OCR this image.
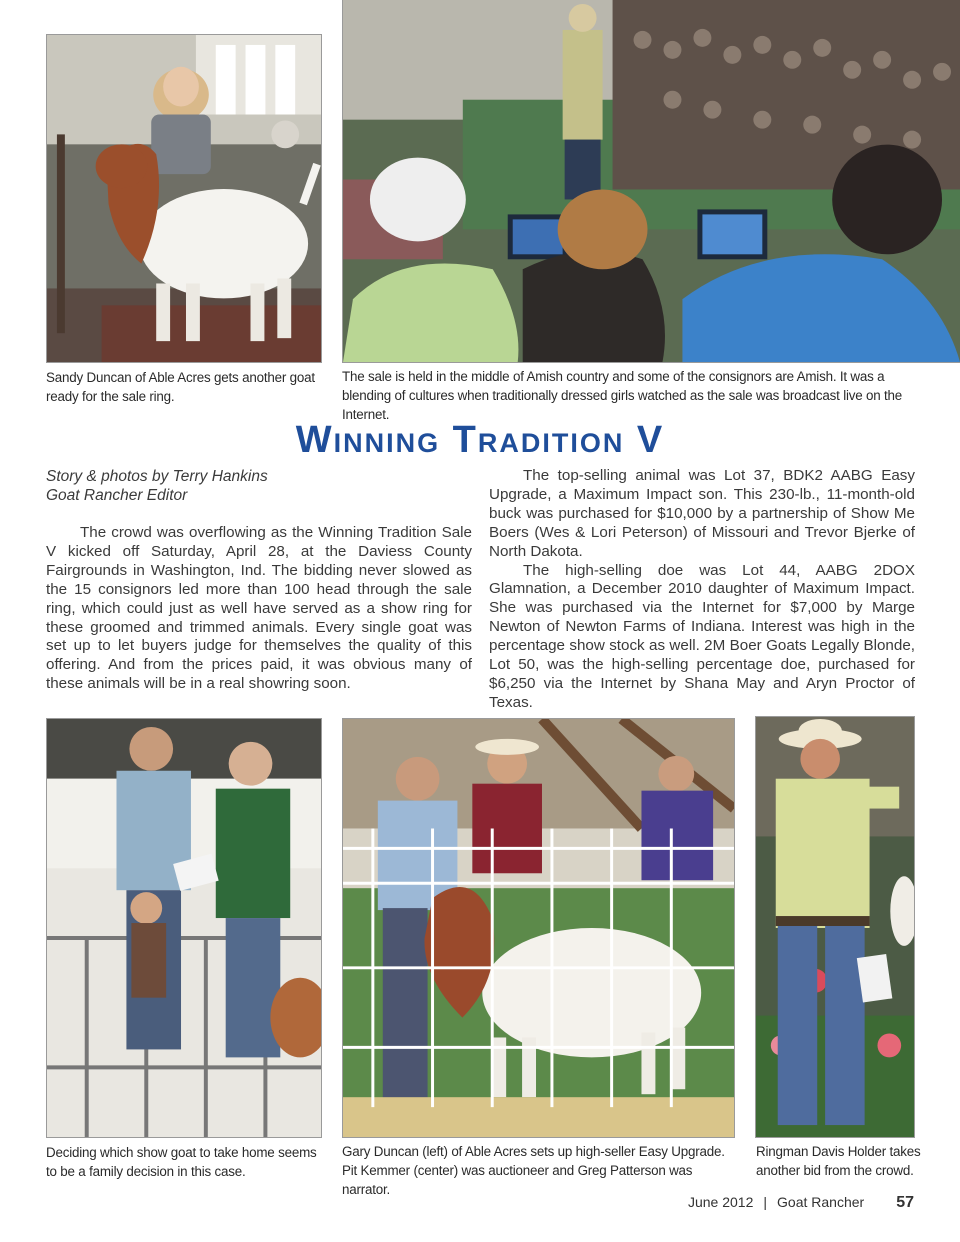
Sandy Duncan of Able Acres gets another goat ready for the sale ring.
The sale is held in the middle of Amish country and some of the consignors are Amish. It was a blending of cultures when traditionally dressed girls watched as the sale was broadcast live on the Internet.
Winning Tradition V
Story & photos by Terry Hankins
Goat Rancher Editor

The crowd was overflowing as the Winning Tradition Sale V kicked off Saturday, April 28, at the Daviess County Fairgrounds in Washington, Ind. The bidding never slowed as the 15 consignors led more than 100 head through the sale ring, which could just as well have served as a show ring for these groomed and trimmed animals. Every single goat was set up to let buyers judge for themselves the quality of this offering. And from the prices paid, it was obvious many of these animals will be in a real showring soon.

The top-selling animal was Lot 37, BDK2 AABG Easy Upgrade, a Maximum Impact son. This 230-lb., 11-month-old buck was purchased for $10,000 by a partnership of Show Me Boers (Wes & Lori Peterson) of Missouri and Trevor Bjerke of North Dakota.

The high-selling doe was Lot 44, AABG 2DOX Glamnation, a December 2010 daughter of Maximum Impact. She was purchased via the Internet for $7,000 by Marge Newton of Newton Farms of Indiana. Interest was high in the percentage show stock as well. 2M Boer Goats Legally Blonde, Lot 50, was the high-selling percentage doe, purchased for $6,250 via the Internet by Shana May and Aryn Proctor of Texas.

Deciding which show goat to take home seems to be a family decision in this case.
Gary Duncan (left) of Able Acres sets up high-seller Easy Upgrade. Pit Kemmer (center) was auctioneer and Greg Patterson was narrator.
Ringman Davis Holder takes another bid from the crowd.
June 2012 | Goat Rancher 57
